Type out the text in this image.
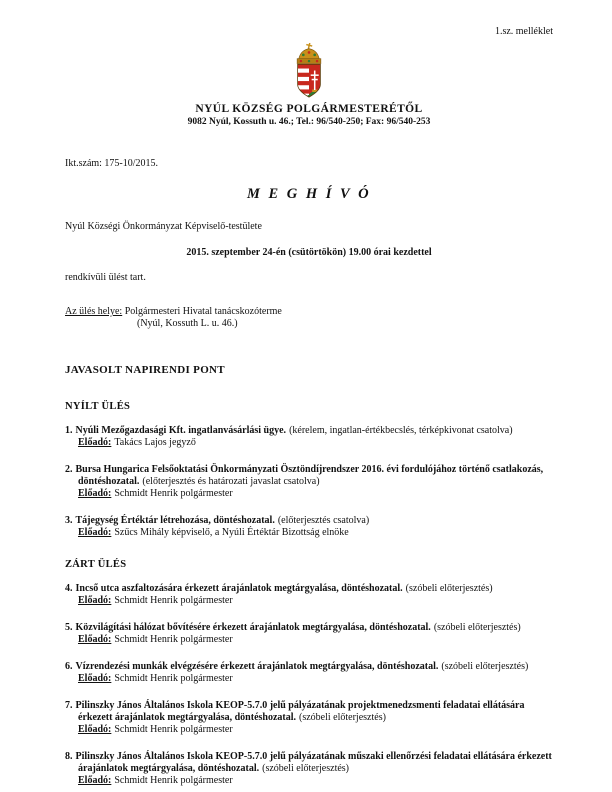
1.sz. melléklet
NYÚL KÖZSÉG POLGÁRMESTERÉTŐL
9082 Nyúl, Kossuth u. 46.; Tel.: 96/540-250; Fax: 96/540-253
Ikt.szám: 175-10/2015.
M E G H Í V Ó
Nyúl Községi Önkormányzat Képviselő-testülete
2015. szeptember 24-én (csütörtökön) 19.00 órai kezdettel
rendkívüli ülést tart.
Az ülés helye: Polgármesteri Hivatal tanácskozóterme
(Nyúl, Kossuth L. u. 46.)
JAVASOLT NAPIRENDI PONT
NYÍLT ÜLÉS
1. Nyúli Mezőgazdasági Kft. ingatlanvásárlási ügye. (kérelem, ingatlan-értékbecslés, térképkivonat csatolva)
Előadó: Takács Lajos jegyző
2. Bursa Hungarica Felsőoktatási Önkormányzati Ösztöndíjrendszer 2016. évi fordulójához történő csatlakozás, döntéshozatal. (előterjesztés és határozati javaslat csatolva)
Előadó: Schmidt Henrik polgármester
3. Tájegység Értéktár létrehozása, döntéshozatal. (előterjesztés csatolva)
Előadó: Szűcs Mihály képviselő, a Nyúli Értéktár Bizottság elnöke
ZÁRT ÜLÉS
4. Incső utca aszfaltozására érkezett árajánlatok megtárgyalása, döntéshozatal. (szóbeli előterjesztés)
Előadó: Schmidt Henrik polgármester
5. Közvilágítási hálózat bővítésére érkezett árajánlatok megtárgyalása, döntéshozatal. (szóbeli előterjesztés)
Előadó: Schmidt Henrik polgármester
6. Vízrendezési munkák elvégzésére érkezett árajánlatok megtárgyalása, döntéshozatal. (szóbeli előterjesztés)
Előadó: Schmidt Henrik polgármester
7. Pilinszky János Általános Iskola KEOP-5.7.0 jelű pályázatának projektmenedzsmenti feladatai ellátására érkezett árajánlatok megtárgyalása, döntéshozatal. (szóbeli előterjesztés)
Előadó: Schmidt Henrik polgármester
8. Pilinszky János Általános Iskola KEOP-5.7.0 jelű pályázatának műszaki ellenőrzési feladatai ellátására érkezett árajánlatok megtárgyalása, döntéshozatal. (szóbeli előterjesztés)
Előadó: Schmidt Henrik polgármester
